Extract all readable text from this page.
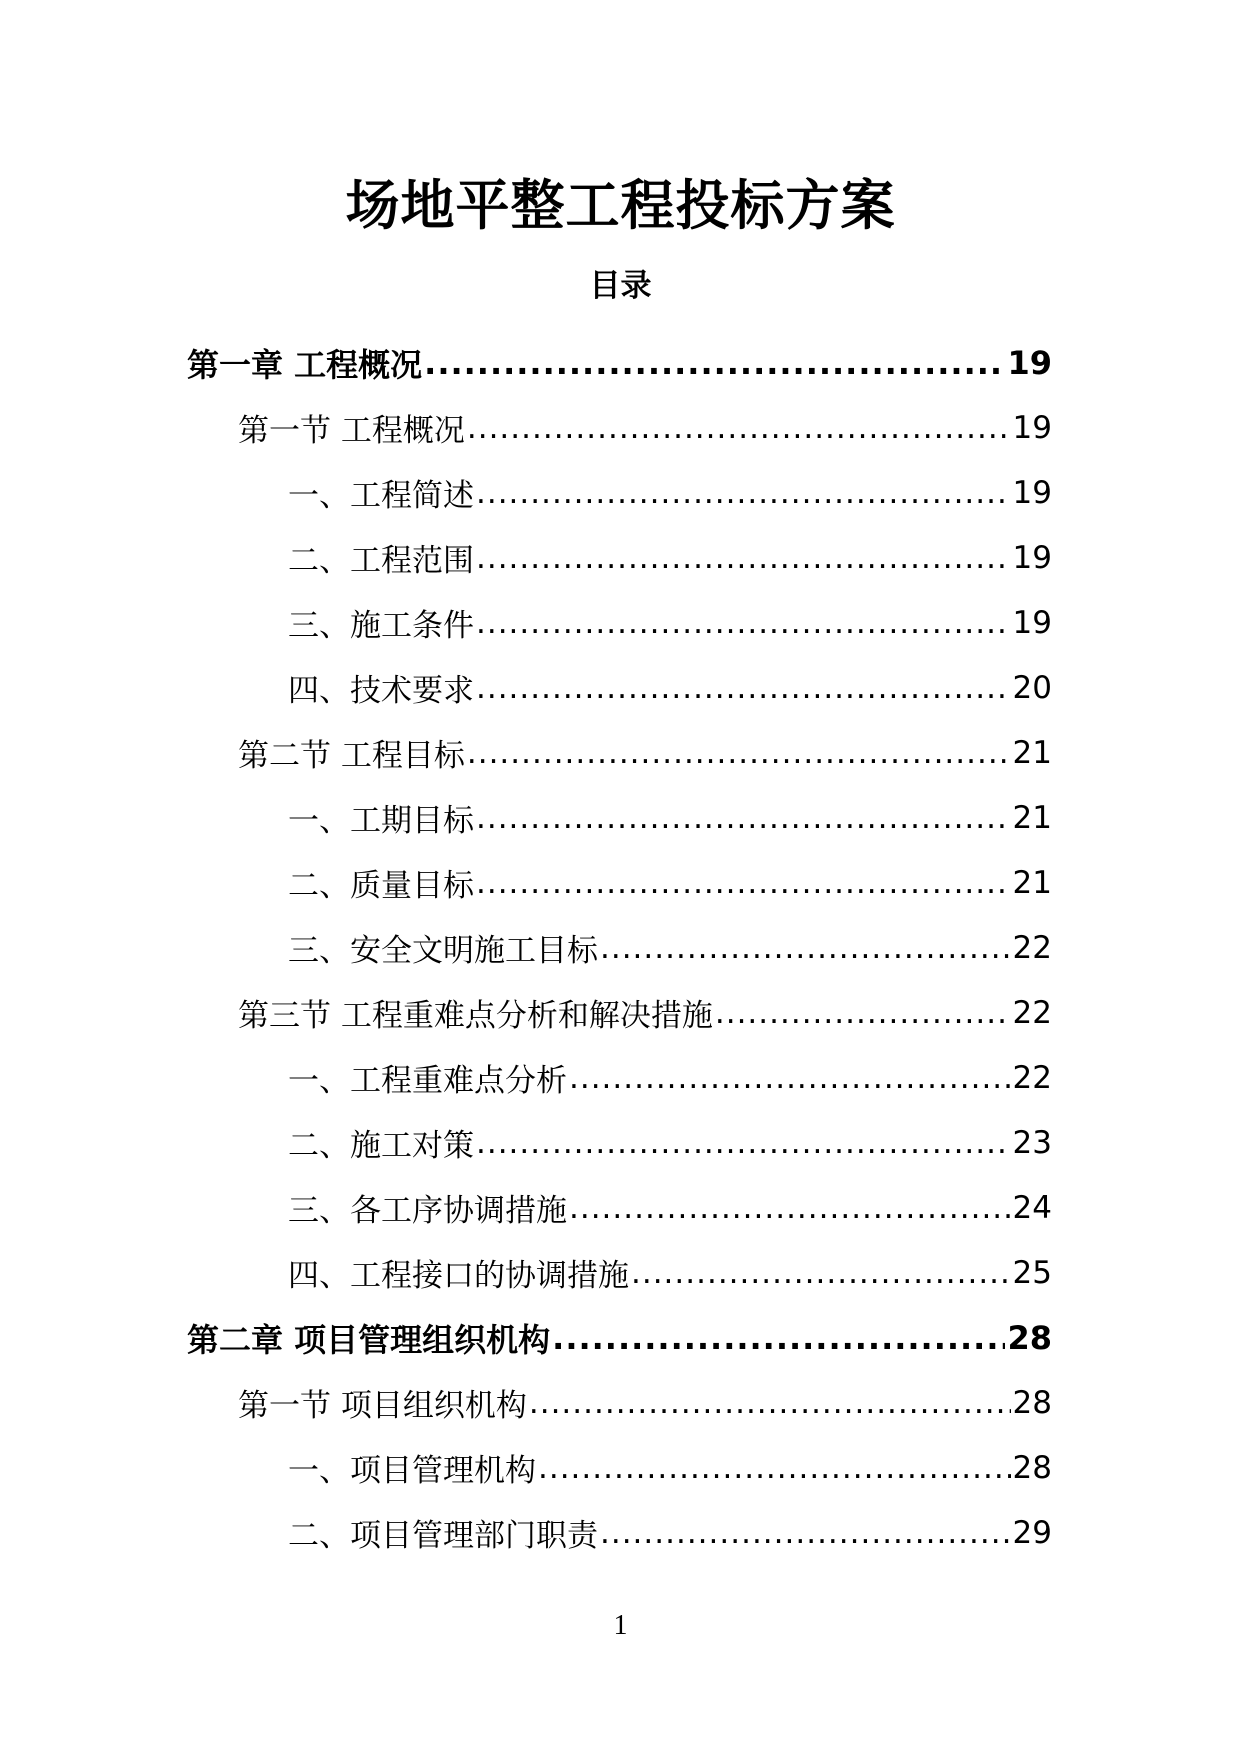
场地平整工程投标方案
目录
第一章 工程概况 .....	19
第一节 工程概况 .....	19
一、工程简述 .....	19
二、工程范围 .....	19
三、施工条件 .....	19
四、技术要求 .....	20
第二节 工程目标 .....	21
一、工期目标 .....	21
二、质量目标 .....	21
三、安全文明施工目标 .....	22
第三节 工程重难点分析和解决措施 .....	22
一、工程重难点分析 .....	22
二、施工对策 .....	23
三、各工序协调措施 .....	24
四、工程接口的协调措施 .....	25
第二章 项目管理组织机构 .....	28
第一节 项目组织机构 .....	28
一、项目管理机构 .....	28
二、项目管理部门职责 .....	29
1
